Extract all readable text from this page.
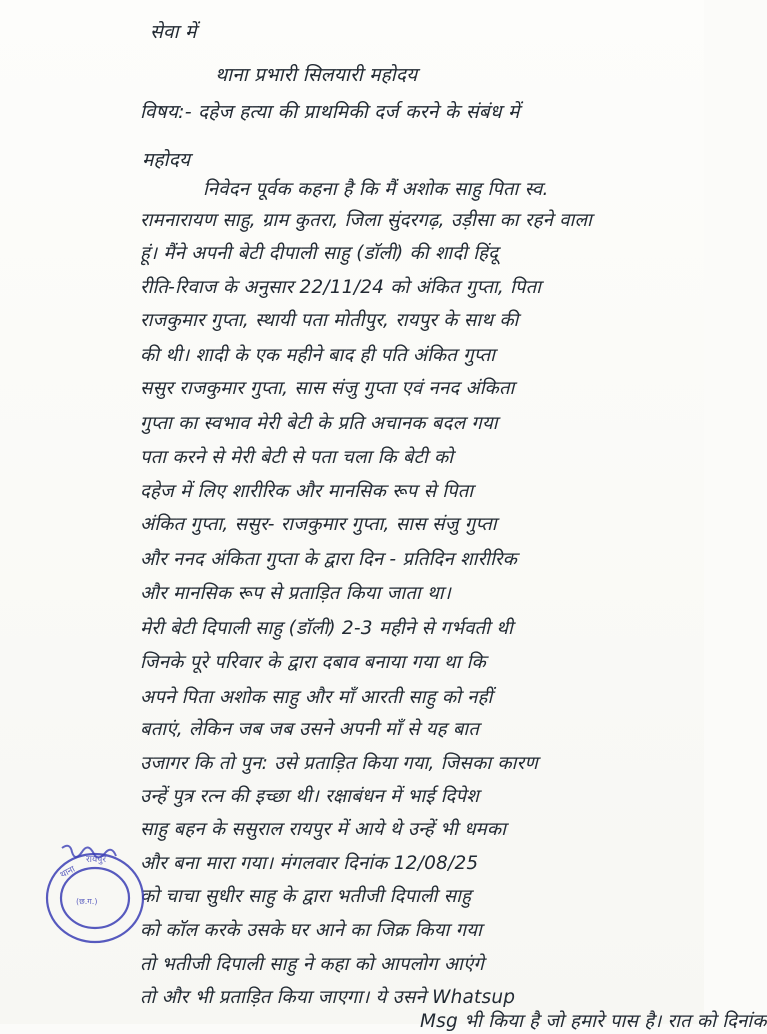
सेवा में
थाना प्रभारी सिलयारी महोदय
विषय:- दहेज हत्या की प्राथमिकी दर्ज करने के संबंध में
महोदय
निवेदन पूर्वक कहना है कि मैं अशोक साहु पिता स्व.
रामनारायण साहु, ग्राम कुतरा, जिला सुंदरगढ़, उड़ीसा का रहने वाला
हूं। मैंने अपनी बेटी दीपाली साहु (डॉली) की शादी हिंदू
रीति-रिवाज के अनुसार 22/11/24 को अंकित गुप्ता, पिता
राजकुमार गुप्ता, स्थायी पता मोतीपुर, रायपुर के साथ की
की थी। शादी के एक महीने बाद ही पति अंकित गुप्ता
ससुर राजकुमार गुप्ता, सास संजु गुप्ता एवं ननद अंकिता
गुप्ता का स्वभाव मेरी बेटी के प्रति अचानक बदल गया
पता करने से मेरी बेटी से पता चला कि बेटी को
दहेज में लिए शारीरिक और मानसिक रूप से पिता
अंकित गुप्ता, ससुर- राजकुमार गुप्ता, सास संजु गुप्ता
और ननद अंकिता गुप्ता के द्वारा दिन - प्रतिदिन शारीरिक
और मानसिक रूप से प्रताड़ित किया जाता था।
मेरी बेटी दिपाली साहु (डॉली) 2-3 महीने से गर्भवती थी
जिनके पूरे परिवार के द्वारा दबाव बनाया गया था कि
अपने पिता अशोक साहु और माँ आरती साहु को नहीं
बताएं, लेकिन जब जब उसने अपनी माँ से यह बात
उजागर कि तो पुन: उसे प्रताड़ित किया गया, जिसका कारण
उन्हें पुत्र रत्न की इच्छा थी। रक्षाबंधन में भाई दिपेश
साहु बहन के ससुराल रायपुर में आये थे उन्हें भी धमका
और बना मारा गया। मंगलवार दिनांक 12/08/25
को चाचा सुधीर साहु के द्वारा भतीजी दिपाली साहु
को कॉल करके उसके घर आने का जिक्र किया गया
तो भतीजी दिपाली साहु ने कहा को आपलोग आएंगे
तो और भी प्रताड़ित किया जाएगा। ये उसने Whatsup
Msg भी किया है जो हमारे पास है। रात को दिनांक
थाना
रायपुर
(छ.ग.)
